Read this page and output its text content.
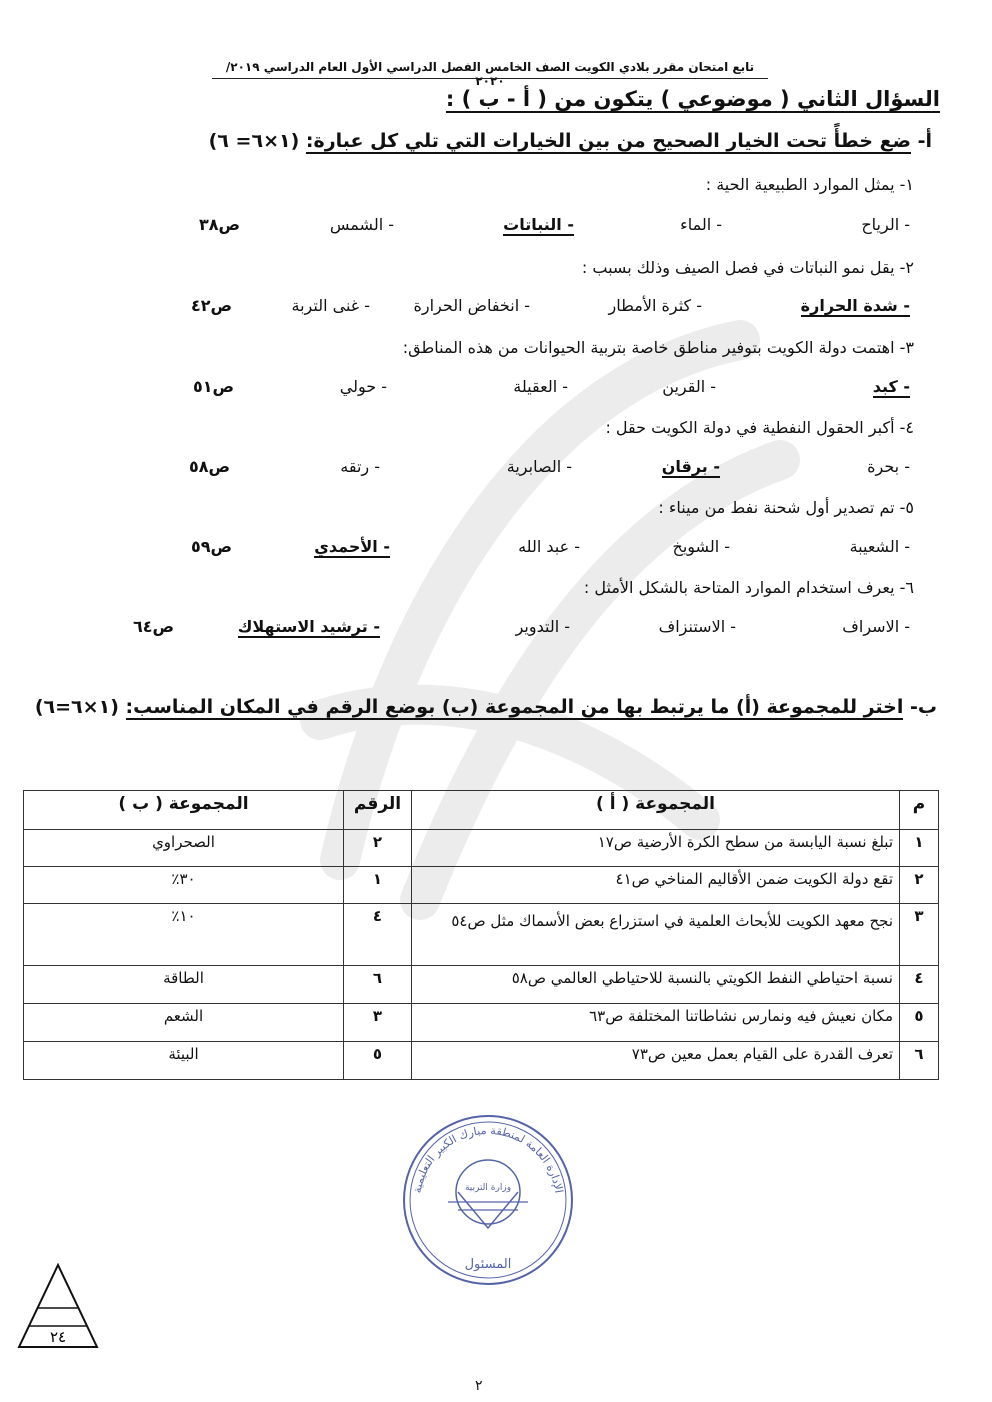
تابع امتحان مقرر بلادي الكويت الصف الخامس الفصل الدراسي الأول العام الدراسي ٢٠١٩/ ٢٠٢٠
السؤال الثاني ( موضوعي ) يتكون من ( أ - ب ) :
أ- ضع خطأً تحت الخيار الصحيح من بين الخيارات التي تلي كل عبارة: (١×٦= ٦)
١- يمثل الموارد الطبيعية الحية :
- الرياح
- الماء
- النباتات
- الشمس
ص٣٨
٢- يقل نمو النباتات في فصل الصيف وذلك بسبب :
- شدة الحرارة
- كثرة الأمطار
- انخفاض الحرارة
- غنى التربة
ص٤٢
٣- اهتمت دولة الكويت بتوفير مناطق خاصة بتربية الحيوانات من هذه المناطق:
- كبد
- القرين
- العقيلة
- حولي
ص٥١
٤- أكبر الحقول النفطية في دولة الكويت حقل :
- بحرة
- برقان
- الصابرية
- رتقه
ص٥٨
٥- تم تصدير أول شحنة نفط من ميناء :
- الشعيبة
- الشويخ
- عبد الله
- الأحمدي
ص٥٩
٦- يعرف استخدام الموارد المتاحة بالشكل الأمثل :
- الاسراف
- الاستنزاف
- التدوير
- ترشيد الاستهلاك
ص٦٤
ب- اختر للمجموعة (أ) ما يرتبط بها من المجموعة (ب) بوضع الرقم في المكان المناسب: (١×٦=٦)
م	المجموعة ( أ )	الرقم	المجموعة ( ب )
١	تبلغ نسبة اليابسة من سطح الكرة الأرضية ص١٧	٢	الصحراوي
٢	تقع دولة الكويت ضمن الأقاليم المناخي ص٤١	١	٣٠٪
٣	نجح معهد الكويت للأبحاث العلمية في استزراع بعض الأسماك مثل ص٥٤	٤	١٠٪
٤	نسبة احتياطي النفط الكويتي بالنسبة للاحتياطي العالمي ص٥٨	٦	الطاقة
٥	مكان نعيش فيه ونمارس نشاطاتنا المختلفة ص٦٣	٣	الشعم
٦	تعرف القدرة على القيام بعمل معين ص٧٣	٥	البيئة
الإدارة العامة لمنطقة مبارك الكبير التعليمية
وزارة التربية
المسئول
٢٤
٢
